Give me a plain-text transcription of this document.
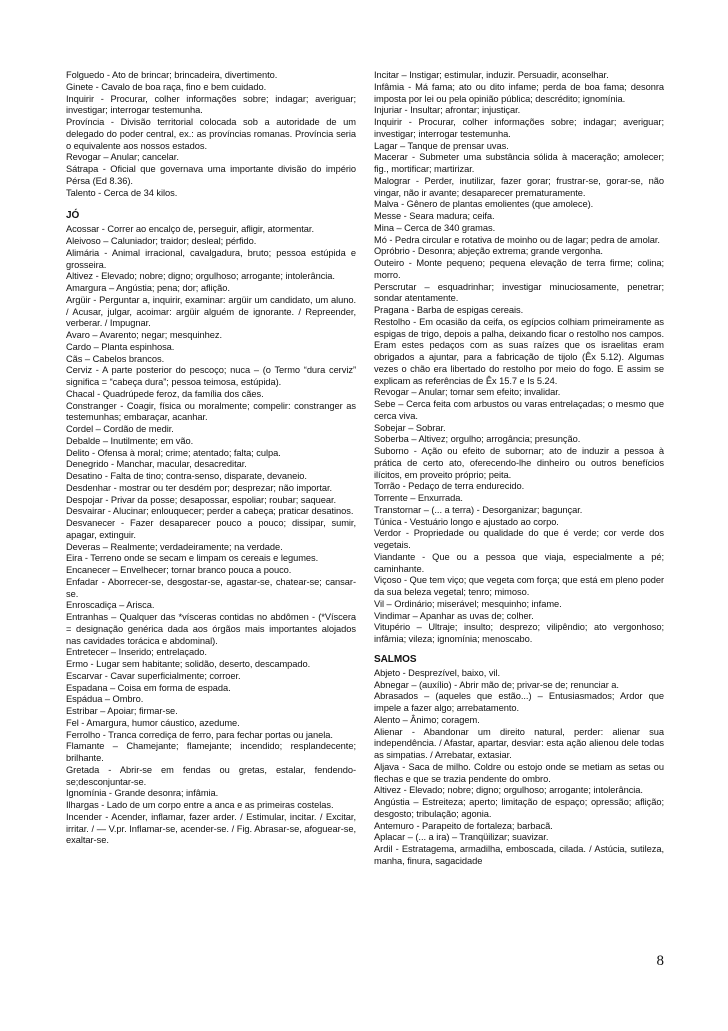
Folguedo - Ato de brincar; brincadeira, divertimento.

Ginete - Cavalo de boa raça, fino e bem cuidado.

Inquirir - Procurar, colher informações sobre; indagar; averiguar; investigar; interrogar testemunha.

Província - Divisão territorial colocada sob a autoridade de um delegado do poder central, ex.: as províncias romanas. Província seria o equivalente aos nossos estados.

Revogar – Anular; cancelar.

Sátrapa - Oficial que governava uma importante divisão do império Pérsa (Ed 8.36).

Talento - Cerca de 34 kilos.

JÓ

Acossar - Correr ao encalço de, perseguir, afligir, atormentar.

Aleivoso – Caluniador; traidor; desleal; pérfido.

Alimária - Animal irracional, cavalgadura, bruto; pessoa estúpida e grosseira.

Altivez - Elevado; nobre; digno; orgulhoso; arrogante; intolerância.

Amargura – Angústia; pena; dor; aflição.

Argüir - Perguntar a, inquirir, examinar: argüir um candidato, um aluno. / Acusar, julgar, acoimar: argüir alguém de ignorante. / Repreender, verberar. / Impugnar.

Avaro – Avarento; negar; mesquinhez.

Cardo – Planta espinhosa.

Cãs – Cabelos brancos.

Cerviz - A parte posterior do pescoço; nuca – (o Termo “dura cerviz” significa = “cabeça dura”; pessoa teimosa, estúpida).

Chacal - Quadrúpede feroz, da família dos cães.

Constranger - Coagir, física ou moralmente; compelir: constranger as testemunhas; embaraçar, acanhar.

Cordel – Cordão de medir.

Debalde – Inutilmente; em vão.

Delito - Ofensa à moral; crime; atentado; falta; culpa.

Denegrido - Manchar, macular, desacreditar.

Desatino - Falta de tino; contra-senso, disparate, devaneio.

Desdenhar - mostrar ou ter desdém por; desprezar; não importar.

Despojar - Privar da posse; desapossar, espoliar; roubar; saquear.

Desvairar - Alucinar; enlouquecer; perder a cabeça; praticar desatinos.

Desvanecer - Fazer desaparecer pouco a pouco; dissipar, sumir, apagar, extinguir.

Deveras – Realmente; verdadeiramente; na verdade.

Eira - Terreno onde se secam e limpam os cereais e legumes.

Encanecer – Envelhecer; tornar branco pouca a pouco.

Enfadar - Aborrecer-se, desgostar-se, agastar-se, chatear-se; cansar-se.

Enroscadiça – Arisca.

Entranhas – Qualquer das *vísceras contidas no abdômen - (*Víscera = designação genérica dada aos órgãos mais importantes alojados nas cavidades torácica e abdominal).

Entretecer – Inserido; entrelaçado.

Ermo - Lugar sem habitante; solidão, deserto, descampado.

Escarvar - Cavar superficialmente; corroer.

Espadana – Coisa em forma de espada.

Espádua – Ombro.

Estribar – Apoiar; firmar-se.

Fel - Amargura, humor cáustico, azedume.

Ferrolho - Tranca corrediça de ferro, para fechar portas ou janela.

Flamante – Chamejante; flamejante; incendido; resplandecente; brilhante.

Gretada - Abrir-se em fendas ou gretas, estalar, fendendo-se;desconjuntar-se.

Ignomínia - Grande desonra; infâmia.

Ilhargas - Lado de um corpo entre a anca e as primeiras costelas.

Incender - Acender, inflamar, fazer arder. / Estimular, incitar. / Excitar, irritar. / — V.pr. Inflamar-se, acender-se. / Fig. Abrasar-se, afoguear-se, exaltar-se.

Incitar – Instigar; estimular, induzir. Persuadir, aconselhar.

Infâmia - Má fama; ato ou dito infame; perda de boa fama; desonra imposta por lei ou pela opinião pública; descrédito; ignomínia.

Injuriar - Insultar; afrontar; injustiçar.

Inquirir - Procurar, colher informações sobre; indagar; averiguar; investigar; interrogar testemunha.

Lagar – Tanque de prensar uvas.

Macerar - Submeter uma substância sólida à maceração; amolecer; fig., mortificar; martirizar.

Malograr - Perder, inutilizar, fazer gorar; frustrar-se, gorar-se, não vingar, não ir avante; desaparecer prematuramente.

Malva - Gênero de plantas emolientes (que amolece).

Messe - Seara madura; ceifa.

Mina – Cerca de 340 gramas.

Mó - Pedra circular e rotativa de moinho ou de lagar; pedra de amolar.

Opróbrio - Desonra; abjeção extrema; grande vergonha.

Outeiro - Monte pequeno; pequena elevação de terra firme; colina; morro.

Perscrutar – esquadrinhar; investigar minuciosamente, penetrar; sondar atentamente.

Pragana - Barba de espigas cereais.

Restolho - Em ocasião da ceifa, os egípcios colhiam primeiramente as espigas de trigo, depois a palha, deixando ficar o restolho nos campos. Eram estes pedaços com as suas raízes que os israelitas eram obrigados a ajuntar, para a fabricação de tijolo (Êx 5.12). Algumas vezes o chão era libertado do restolho por meio do fogo. E assim se explicam as referências de Êx 15.7 e Is 5.24.

Revogar – Anular; tornar sem efeito; invalidar.

Sebe – Cerca feita com arbustos ou varas entrelaçadas; o mesmo que cerca viva.

Sobejar – Sobrar.

Soberba – Altivez; orgulho; arrogância; presunção.

Suborno - Ação ou efeito de subornar; ato de induzir a pessoa à prática de certo ato, oferecendo-lhe dinheiro ou outros benefícios ilícitos, em proveito próprio; peita.

Torrão - Pedaço de terra endurecido.

Torrente – Enxurrada.

Transtornar – (... a terra) - Desorganizar; bagunçar.

Túnica - Vestuário longo e ajustado ao corpo.

Verdor - Propriedade ou qualidade do que é verde; cor verde dos vegetais.

Viandante - Que ou a pessoa que viaja, especialmente a pé; caminhante.

Viçoso - Que tem viço; que vegeta com força; que está em pleno poder da sua beleza vegetal; tenro; mimoso.

Vil – Ordinário; miserável; mesquinho; infame.

Vindimar – Apanhar as uvas de; colher.

Vitupério – Ultraje; insulto; desprezo; vilipêndio; ato vergonhoso; infâmia; vileza; ignomínia; menoscabo.

SALMOS

Abjeto - Desprezível, baixo, vil.

Abnegar – (auxílio) - Abrir mão de; privar-se de; renunciar a.

Abrasados – (aqueles que estão...) – Entusiasmados; Ardor que impele a fazer algo; arrebatamento.

Alento – Ânimo; coragem.

Alienar - Abandonar um direito natural, perder: alienar sua independência. / Afastar, apartar, desviar: esta ação alienou dele todas as simpatias. / Arrebatar, extasiar.

Aljava - Saca de milho. Coldre ou estojo onde se metiam as setas ou flechas e que se trazia pendente do ombro.

Altivez - Elevado; nobre; digno; orgulhoso; arrogante; intolerância.

Angústia – Estreiteza; aperto; limitação de espaço; opressão; aflição; desgosto; tribulação; agonia.

Antemuro - Parapeito de fortaleza; barbacã.

Aplacar – (... a ira) – Tranqüilizar; suavizar.

Ardil - Estratagema, armadilha, emboscada, cilada. / Astúcia, sutileza, manha, finura, sagacidade

8
